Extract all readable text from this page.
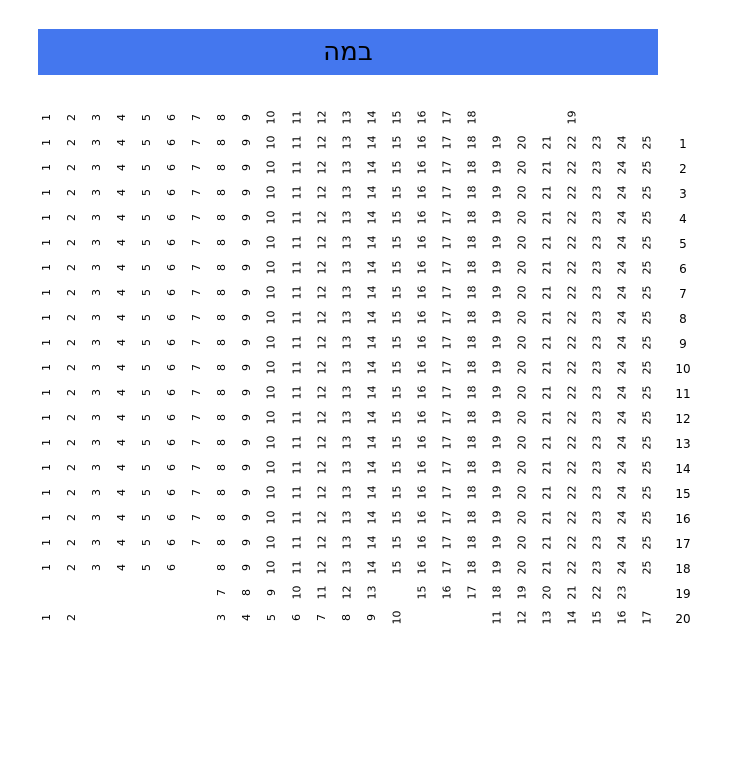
במה
1 2 3 4 5 6 7 8 9 10 11 12 13 14 15 16 17 18	19
1 2 3 4 5 6 7 8 9 10 11 12 13 14 15 16 17 18 19 20 21 22 23 24 25	1
1 2 3 4 5 6 7 8 9 10 11 12 13 14 15 16 17 18 19 20 21 22 23 24 25	2
1 2 3 4 5 6 7 8 9 10 11 12 13 14 15 16 17 18 19 20 21 22 23 24 25	3
1 2 3 4 5 6 7 8 9 10 11 12 13 14 15 16 17 18 19 20 21 22 23 24 25	4
1 2 3 4 5 6 7 8 9 10 11 12 13 14 15 16 17 18 19 20 21 22 23 24 25	5
1 2 3 4 5 6 7 8 9 10 11 12 13 14 15 16 17 18 19 20 21 22 23 24 25	6
1 2 3 4 5 6 7 8 9 10 11 12 13 14 15 16 17 18 19 20 21 22 23 24 25	7
1 2 3 4 5 6 7 8 9 10 11 12 13 14 15 16 17 18 19 20 21 22 23 24 25	8
1 2 3 4 5 6 7 8 9 10 11 12 13 14 15 16 17 18 19 20 21 22 23 24 25	9
1 2 3 4 5 6 7 8 9 10 11 12 13 14 15 16 17 18 19 20 21 22 23 24 25	10
1 2 3 4 5 6 7 8 9 10 11 12 13 14 15 16 17 18 19 20 21 22 23 24 25	11
1 2 3 4 5 6 7 8 9 10 11 12 13 14 15 16 17 18 19 20 21 22 23 24 25	12
1 2 3 4 5 6 7 8 9 10 11 12 13 14 15 16 17 18 19 20 21 22 23 24 25	13
1 2 3 4 5 6 7 8 9 10 11 12 13 14 15 16 17 18 19 20 21 22 23 24 25	14
1 2 3 4 5 6 7 8 9 10 11 12 13 14 15 16 17 18 19 20 21 22 23 24 25	15
1 2 3 4 5 6 7 8 9 10 11 12 13 14 15 16 17 18 19 20 21 22 23 24 25	16
1 2 3 4 5 6 7 8 9 10 11 12 13 14 15 16 17 18 19 20 21 22 23 24 25	17
1 2 3 4 5 6	8 9 10 11 12 13 14 15 16 17 18 19 20 21 22 23 24 25	18
7 8 9 10 11 12 13	15 16 17 18 19 20 21 22 23	19
1 2	3 4 5 6 7 8 9 10	11 12 13 14 15 16 17	20
